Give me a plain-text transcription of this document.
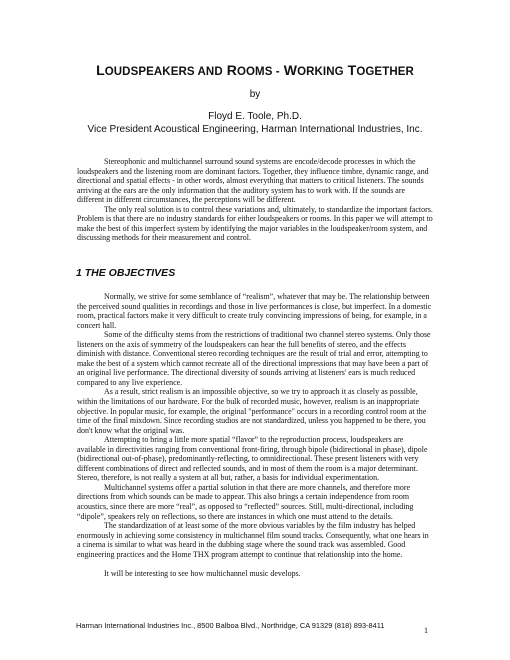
LOUDSPEAKERS AND ROOMS - WORKING TOGETHER
by
Floyd E. Toole, Ph.D.
Vice President Acoustical Engineering, Harman International Industries, Inc.

Stereophonic and multichannel surround sound systems are encode/decode processes in which the loudspeakers and the listening room are dominant factors. Together, they influence timbre, dynamic range, and directional and spatial effects - in other words, almost everything that matters to critical listeners. The sounds arriving at the ears are the only information that the auditory system has to work with. If the sounds are different in different circumstances, the perceptions will be different.

The only real solution is to control these variations and, ultimately, to standardize the important factors. Problem is that there are no industry standards for either loudspeakers or rooms. In this paper we will attempt to make the best of this imperfect system by identifying the major variables in the loudspeaker/room system, and discussing methods for their measurement and control.

1 THE OBJECTIVES

Normally, we strive for some semblance of “realism”, whatever that may be. The relationship between the perceived sound qualities in recordings and those in live performances is close, but imperfect. In a domestic room, practical factors make it very difficult to create truly convincing impressions of being, for example, in a concert hall.

Some of the difficulty stems from the restrictions of traditional two channel stereo systems. Only those listeners on the axis of symmetry of the loudspeakers can hear the full benefits of stereo, and the effects diminish with distance. Conventional stereo recording techniques are the result of trial and error, attempting to make the best of a system which cannot recreate all of the directional impressions that may have been a part of an original live performance. The directional diversity of sounds arriving at listeners' ears is much reduced compared to any live experience.

As a result, strict realism is an impossible objective, so we try to approach it as closely as possible, within the limitations of our hardware. For the bulk of recorded music, however, realism is an inappropriate objective. In popular music, for example, the original "performance" occurs in a recording control room at the time of the final mixdown. Since recording studios are not standardized, unless you happened to be there, you don't know what the original was.

Attempting to bring a little more spatial “flavor” to the reproduction process, loudspeakers are available in directivities ranging from conventional front-firing, through bipole (bidirectional in phase), dipole (bidirectional out-of-phase), predominantly-reflecting, to omnidirectional. These present listeners with very different combinations of direct and reflected sounds, and in most of them the room is a major determinant. Stereo, therefore, is not really a system at all but, rather, a basis for individual experimentation.

Multichannel systems offer a partial solution in that there are more channels, and therefore more directions from which sounds can be made to appear. This also brings a certain independence from room acoustics, since there are more “real”, as opposed to “reflected” sources. Still, multi-directional, including “dipole”, speakers rely on reflections, so there are instances in which one must attend to the details.

The standardization of at least some of the more obvious variables by the film industry has helped enormously in achieving some consistency in multichannel film sound tracks. Consequently, what one hears in a cinema is similar to what was heard in the dubbing stage where the sound track was assembled. Good engineering practices and the Home THX program attempt to continue that relationship into the home.

It will be interesting to see how multichannel music develops.

Harman International Industries Inc., 8500 Balboa Blvd., Northridge, CA 91329 (818) 893-8411
1
